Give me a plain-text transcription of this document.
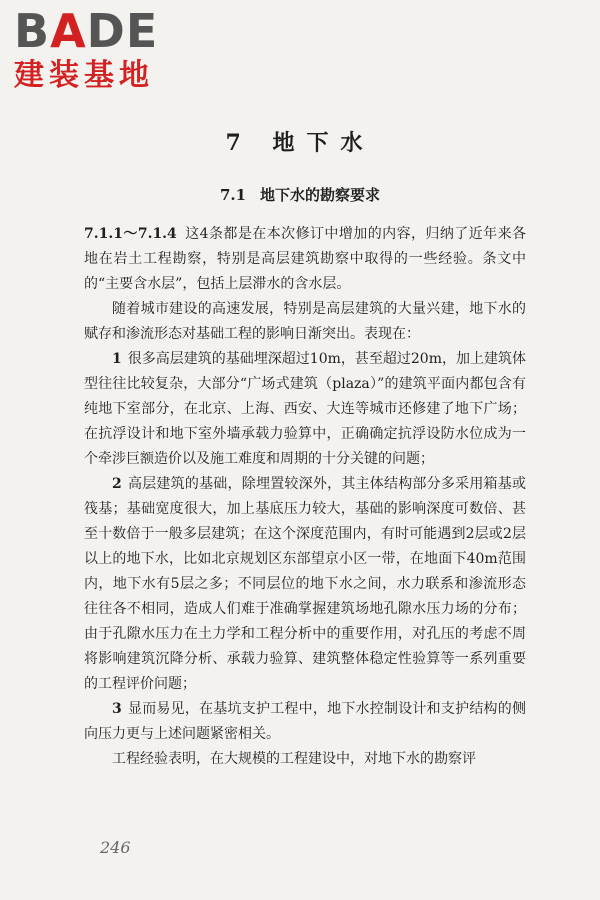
BADE
建装基地
7 地下水
7.1 地下水的勘察要求

7.1.1～7.1.4 这4条都是在本次修订中增加的内容，归纳了近年来各地在岩土工程勘察，特别是高层建筑勘察中取得的一些经验。条文中的“主要含水层”，包括上层滞水的含水层。

随着城市建设的高速发展，特别是高层建筑的大量兴建，地下水的赋存和渗流形态对基础工程的影响日渐突出。表现在：

1 很多高层建筑的基础埋深超过10m，甚至超过20m，加上建筑体型往往比较复杂，大部分“广场式建筑（plaza）”的建筑平面内都包含有纯地下室部分，在北京、上海、西安、大连等城市还修建了地下广场；在抗浮设计和地下室外墙承载力验算中，正确确定抗浮设防水位成为一个牵涉巨额造价以及施工难度和周期的十分关键的问题；

2 高层建筑的基础，除埋置较深外，其主体结构部分多采用箱基或筏基；基础宽度很大，加上基底压力较大，基础的影响深度可数倍、甚至十数倍于一般多层建筑；在这个深度范围内，有时可能遇到2层或2层以上的地下水，比如北京规划区东部望京小区一带，在地面下40m范围内，地下水有5层之多；不同层位的地下水之间，水力联系和渗流形态往往各不相同，造成人们难于准确掌握建筑场地孔隙水压力场的分布；由于孔隙水压力在土力学和工程分析中的重要作用，对孔压的考虑不周将影响建筑沉降分析、承载力验算、建筑整体稳定性验算等一系列重要的工程评价问题；

3 显而易见，在基坑支护工程中，地下水控制设计和支护结构的侧向压力更与上述问题紧密相关。

工程经验表明，在大规模的工程建设中，对地下水的勘察评

246
